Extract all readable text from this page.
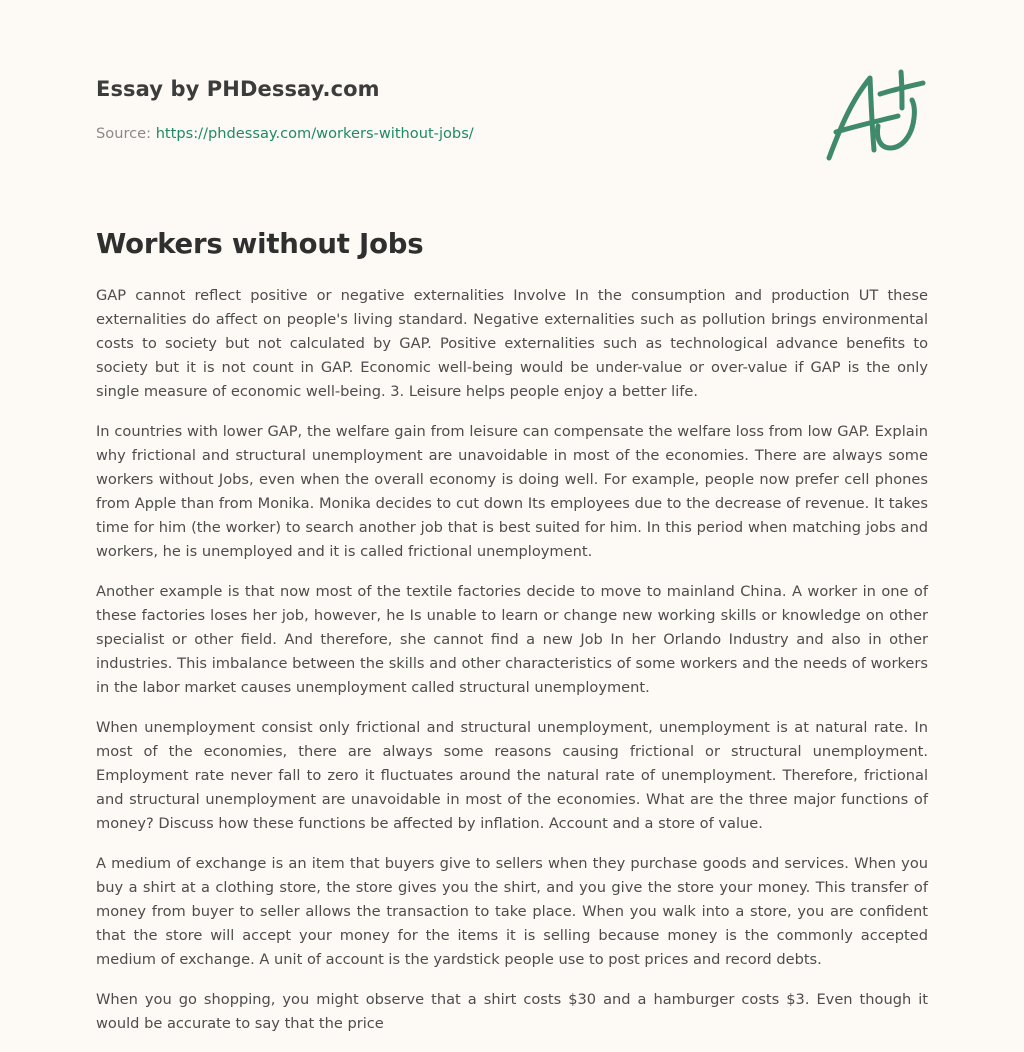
Essay by PHDessay.com
Source: https://phdessay.com/workers-without-jobs/
Workers without Jobs

GAP cannot reflect positive or negative externalities Involve In the consumption and production UT these externalities do affect on people's living standard. Negative externalities such as pollution brings environmental costs to society but not calculated by GAP. Positive externalities such as technological advance benefits to society but it is not count in GAP. Economic well-being would be under-value or over-value if GAP is the only single measure of economic well-being. 3. Leisure helps people enjoy a better life.

In countries with lower GAP, the welfare gain from leisure can compensate the welfare loss from low GAP. Explain why frictional and structural unemployment are unavoidable in most of the economies. There are always some workers without Jobs, even when the overall economy is doing well. For example, people now prefer cell phones from Apple than from Monika. Monika decides to cut down Its employees due to the decrease of revenue. It takes time for him (the worker) to search another job that is best suited for him. In this period when matching jobs and workers, he is unemployed and it is called frictional unemployment.

Another example is that now most of the textile factories decide to move to mainland China. A worker in one of these factories loses her job, however, he Is unable to learn or change new working skills or knowledge on other specialist or other field. And therefore, she cannot find a new Job In her Orlando Industry and also in other industries. This imbalance between the skills and other characteristics of some workers and the needs of workers in the labor market causes unemployment called structural unemployment.

When unemployment consist only frictional and structural unemployment, unemployment is at natural rate. In most of the economies, there are always some reasons causing frictional or structural unemployment. Employment rate never fall to zero it fluctuates around the natural rate of unemployment. Therefore, frictional and structural unemployment are unavoidable in most of the economies. What are the three major functions of money? Discuss how these functions be affected by inflation. Account and a store of value.

A medium of exchange is an item that buyers give to sellers when they purchase goods and services. When you buy a shirt at a clothing store, the store gives you the shirt, and you give the store your money. This transfer of money from buyer to seller allows the transaction to take place. When you walk into a store, you are confident that the store will accept your money for the items it is selling because money is the commonly accepted medium of exchange. A unit of account is the yardstick people use to post prices and record debts.

When you go shopping, you might observe that a shirt costs $30 and a hamburger costs $3. Even though it would be accurate to say that the price
